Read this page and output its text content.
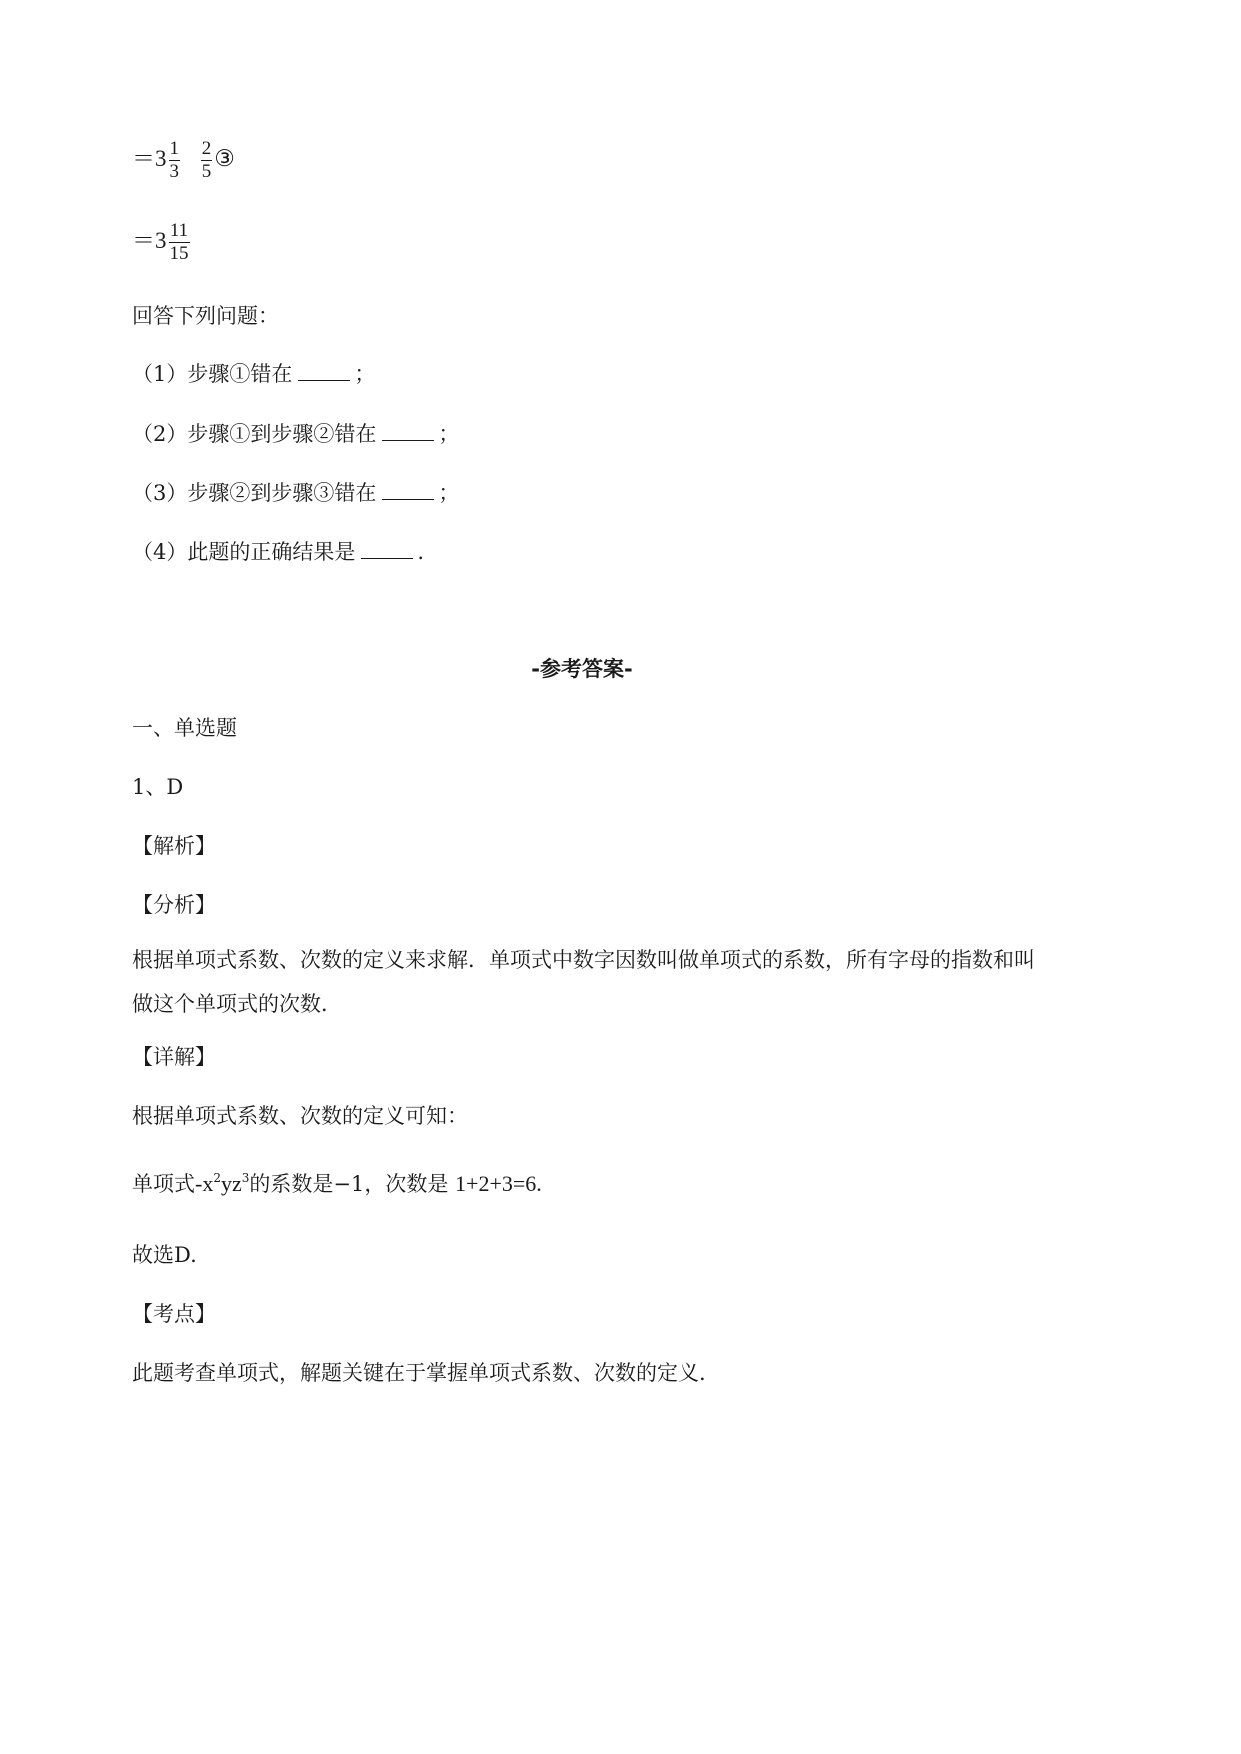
$=3 \frac{1}{3}$
$\frac{2}{5}$ ③
$=3 \frac{11}{15}$
回答下列问题：
（1）步骤①错在	；
（2）步骤①到步骤②错在	；
（3）步骤②到步骤③错在	；
（4）此题的正确结果是	.
-参考答案-
一、单选题
1、D
【解析】
【分析】
根据单项式系数、次数的定义来求解．单项式中数字因数叫做单项式的系数，所有字母的指数和叫做这个单项式的次数．
【详解】
根据单项式系数、次数的定义可知：
单项式$-x^2yz^3$的系数是−1，次数是 1+2+3=6.
故选D.
【考点】
此题考查单项式，解题关键在于掌握单项式系数、次数的定义.
